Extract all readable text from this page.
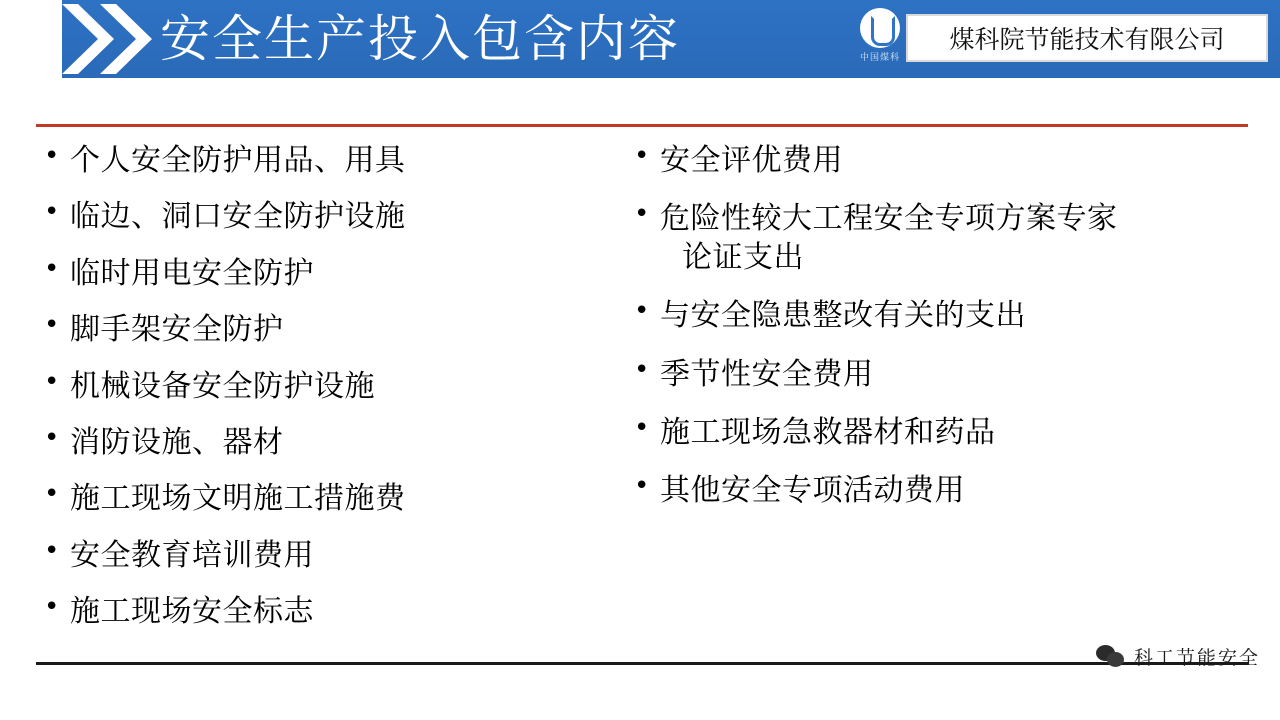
安全生产投入包含内容	中国煤科
煤科院节能技术有限公司
• 个人安全防护用品、用具
• 临边、洞口安全防护设施
• 临时用电安全防护
• 脚手架安全防护
• 机械设备安全防护设施
• 消防设施、器材
• 施工现场文明施工措施费
• 安全教育培训费用
• 施工现场安全标志
• 安全评优费用
• 危险性较大工程安全专项方案专家
论证支出
• 与安全隐患整改有关的支出
• 季节性安全费用
• 施工现场急救器材和药品
• 其他安全专项活动费用
科工节能安全
